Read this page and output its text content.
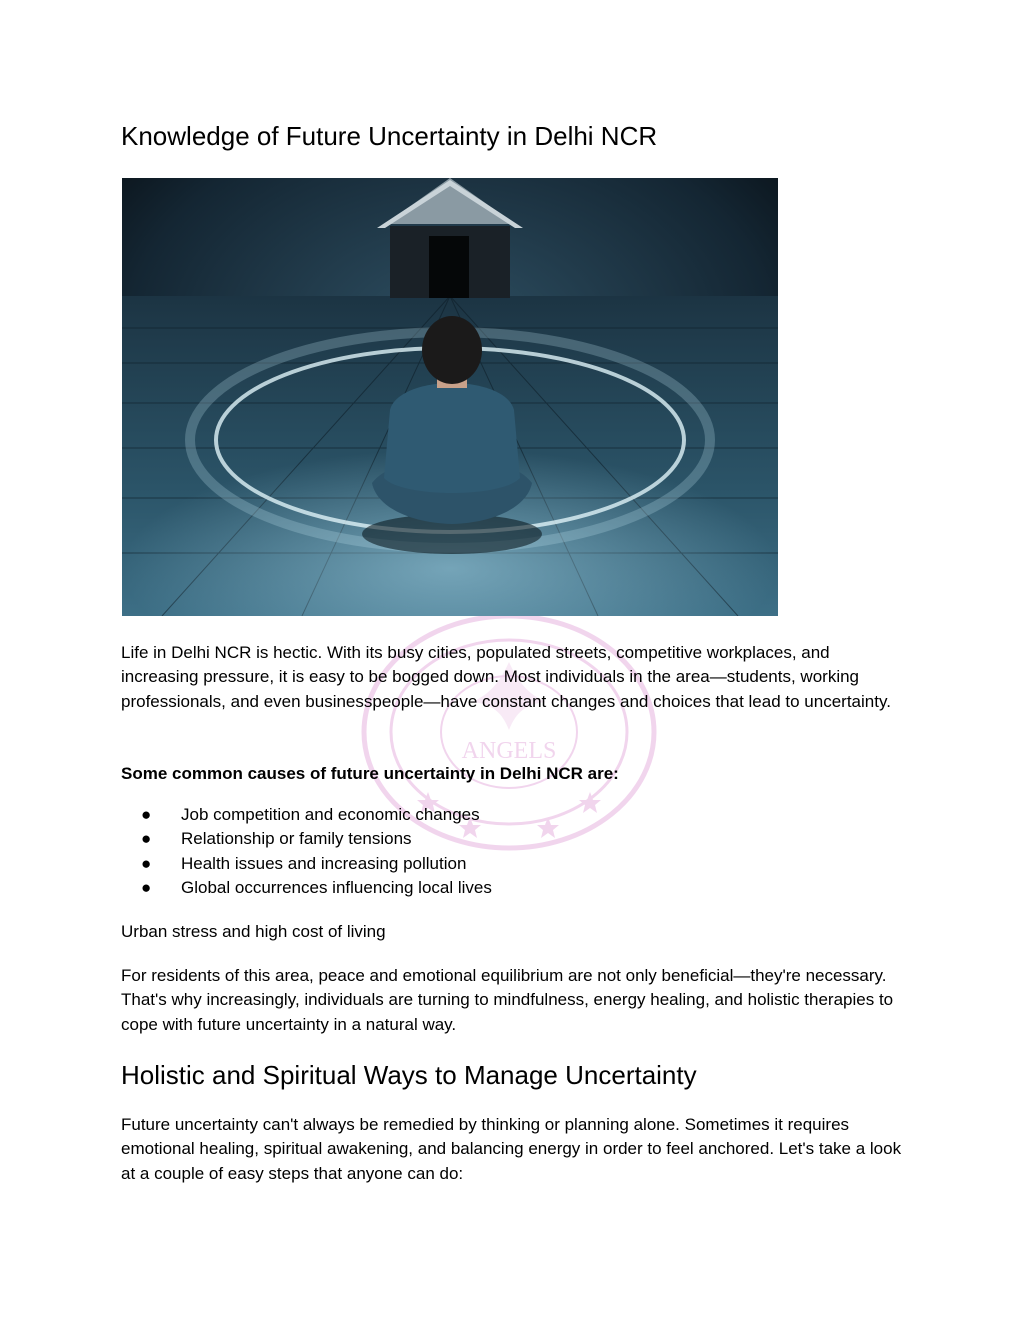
ANGELS
Knowledge of Future Uncertainty in Delhi NCR

Life in Delhi NCR is hectic. With its busy cities, populated streets, competitive workplaces, and increasing pressure, it is easy to be bogged down. Most individuals in the area—students, working professionals, and even businesspeople—have constant changes and choices that lead to uncertainty.

Some common causes of future uncertainty in Delhi NCR are:

● Job competition and economic changes
● Relationship or family tensions
● Health issues and increasing pollution
● Global occurrences influencing local lives

Urban stress and high cost of living

For residents of this area, peace and emotional equilibrium are not only beneficial—they're necessary. That's why increasingly, individuals are turning to mindfulness, energy healing, and holistic therapies to cope with future uncertainty in a natural way.

Holistic and Spiritual Ways to Manage Uncertainty

Future uncertainty can't always be remedied by thinking or planning alone. Sometimes it requires emotional healing, spiritual awakening, and balancing energy in order to feel anchored. Let's take a look at a couple of easy steps that anyone can do:
